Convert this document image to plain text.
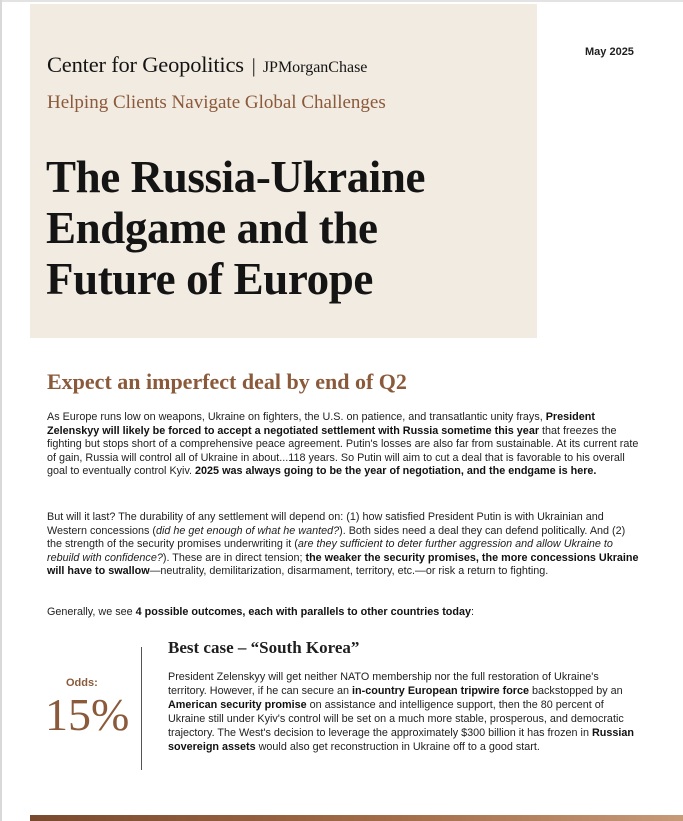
Center for Geopolitics | JPMorganChase
Helping Clients Navigate Global Challenges
The Russia-Ukraine
Endgame and the
Future of Europe
May 2025
Expect an imperfect deal by end of Q2

As Europe runs low on weapons, Ukraine on fighters, the U.S. on patience, and transatlantic unity frays, President Zelenskyy will likely be forced to accept a negotiated settlement with Russia sometime this year that freezes the fighting but stops short of a comprehensive peace agreement. Putin's losses are also far from sustainable. At its current rate of gain, Russia will control all of Ukraine in about...118 years. So Putin will aim to cut a deal that is favorable to his overall goal to eventually control Kyiv. 2025 was always going to be the year of negotiation, and the endgame is here.

But will it last? The durability of any settlement will depend on: (1) how satisfied President Putin is with Ukrainian and Western concessions (did he get enough of what he wanted?). Both sides need a deal they can defend politically. And (2) the strength of the security promises underwriting it (are they sufficient to deter further aggression and allow Ukraine to rebuild with confidence?). These are in direct tension; the weaker the security promises, the more concessions Ukraine will have to swallow—neutrality, demilitarization, disarmament, territory, etc.—or risk a return to fighting.

Generally, we see 4 possible outcomes, each with parallels to other countries today:

Odds:
15%
Best case – “South Korea”

President Zelenskyy will get neither NATO membership nor the full restoration of Ukraine's territory. However, if he can secure an in-country European tripwire force backstopped by an American security promise on assistance and intelligence support, then the 80 percent of Ukraine still under Kyiv's control will be set on a much more stable, prosperous, and democratic trajectory. The West's decision to leverage the approximately $300 billion it has frozen in Russian sovereign assets would also get reconstruction in Ukraine off to a good start.
